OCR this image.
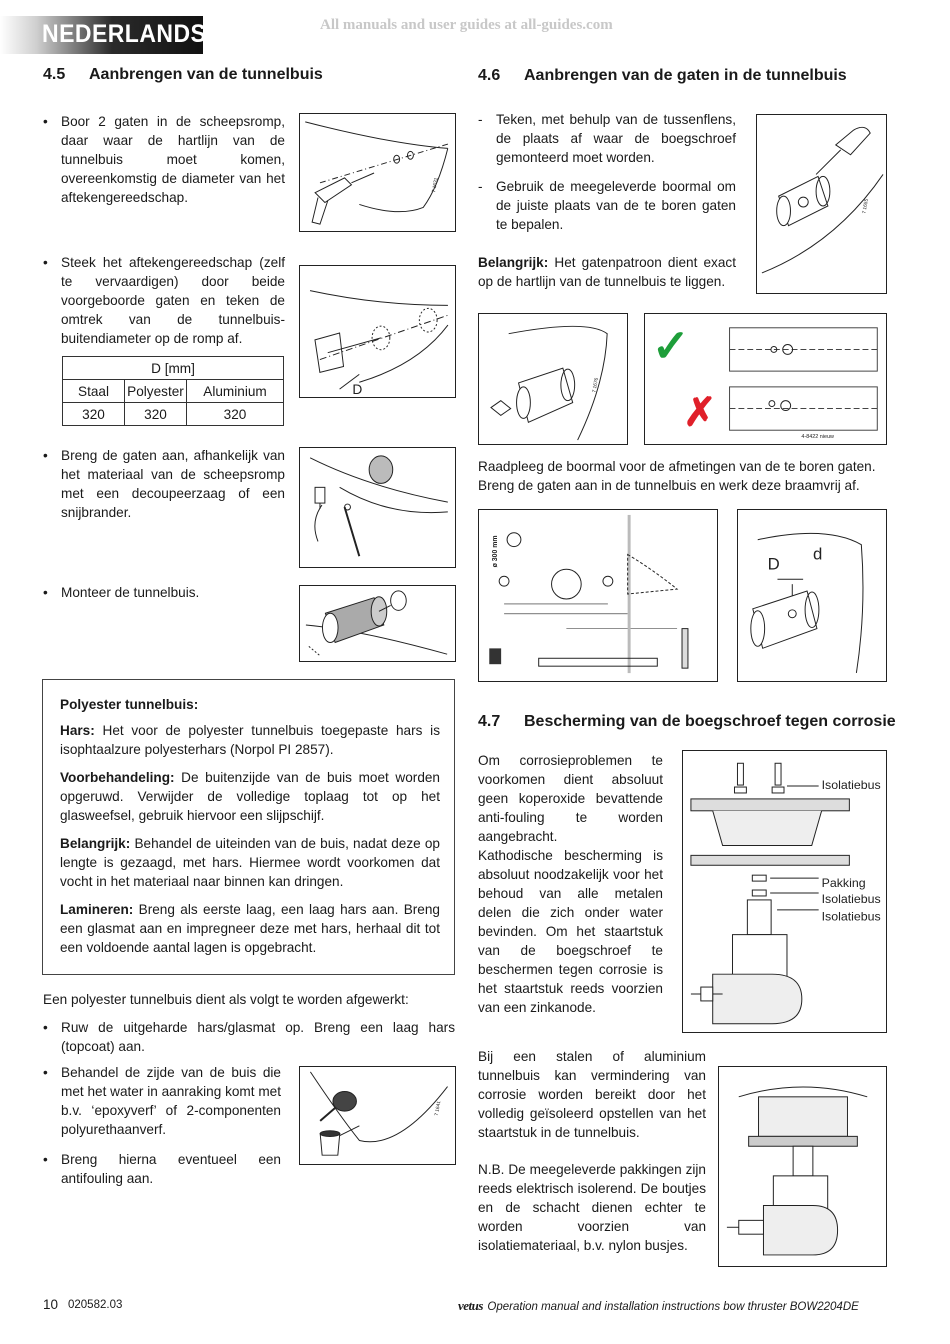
NEDERLANDS	All manuals and user guides at all-guides.com
4.5 Aanbrengen van de tunnelbuis
• Boor 2 gaten in de scheepsromp, daar waar de hartlijn van de tunnelbuis moet komen, overeenkomstig de diameter van het aftekengereedschap.
7 1631
• Steek het aftekengereedschap (zelf te vervaardigen) door beide voorgeboorde gaten en teken de omtrek van de tunnelbuis-buitendiameter op de romp af.
D
D [mm]		
Staal	Polyester	Aluminium
320	320	320
• Breng de gaten aan, afhankelijk van het materiaal van de scheepsromp met een decoupeerzaag of een snijbrander.
• Monteer de tunnelbuis.

Polyester tunnelbuis:

Hars: Het voor de polyester tunnelbuis toegepaste hars is isophtaalzure polyesterhars (Norpol PI 2857).

Voorbehandeling: De buitenzijde van de buis moet worden opgeruwd. Verwijder de volledige toplaag tot op het glasweefsel, gebruik hiervoor een slijpschijf.

Belangrijk: Behandel de uiteinden van de buis, nadat deze op lengte is gezaagd, met hars. Hiermee wordt voorkomen dat vocht in het materiaal naar binnen kan dringen.

Lamineren: Breng als eerste laag, een laag hars aan. Breng een glasmat aan en impregneer deze met hars, herhaal dit tot een voldoende aantal lagen is opgebracht.

Een polyester tunnelbuis dient als volgt te worden afgewerkt:
• Ruw de uitgeharde hars/glasmat op. Breng een laag hars (topcoat) aan.
• Behandel de zijde van de buis die met het water in aanraking komt met b.v. ‘epoxyverf’ of 2-componenten polyurethaanverf.
• Breng hierna eventueel een antifouling aan.
7 1641
4.6 Aanbrengen van de gaten in de tunnelbuis
- Teken, met behulp van de tussenflens, de plaats af waar de boegschroef gemonteerd moet worden.
- Gebruik de meegeleverde boormal om de juiste plaats van de te boren gaten te bepalen.
Belangrijk: Het gatenpatroon dient exact op de hartlijn van de tunnelbuis te liggen.
7 1655
7 1676
✓
✗
4-8422 nieuw
Raadpleeg de boormal voor de afmetingen van de te boren gaten. Breng de gaten aan in de tunnelbuis en werk deze braamvrij af.
ø 300 mm	D
d
4.7 Bescherming van de boegschroef tegen corrosie
Om corrosieproblemen te voorkomen dient absoluut geen koperoxide bevattende anti-fouling te worden aangebracht.
Kathodische bescherming is absoluut noodzakelijk voor het behoud van alle metalen delen die zich onder water bevinden. Om het staartstuk van de boegschroef te beschermen tegen corrosie is het staartstuk reeds voorzien van een zinkanode.
Isolatiebus
Pakking
Isolatiebus
Isolatiebus
Bij een stalen of aluminium tunnelbuis kan vermindering van corrosie worden bereikt door het volledig geïsoleerd opstellen van het staartstuk in de tunnelbuis.
N.B. De meegeleverde pakkingen zijn reeds elektrisch isolerend. De boutjes en de schacht dienen echter te worden voorzien van isolatiemateriaal, b.v. nylon busjes.
10 020582.03	vetus Operation manual and installation instructions bow thruster BOW2204DE
